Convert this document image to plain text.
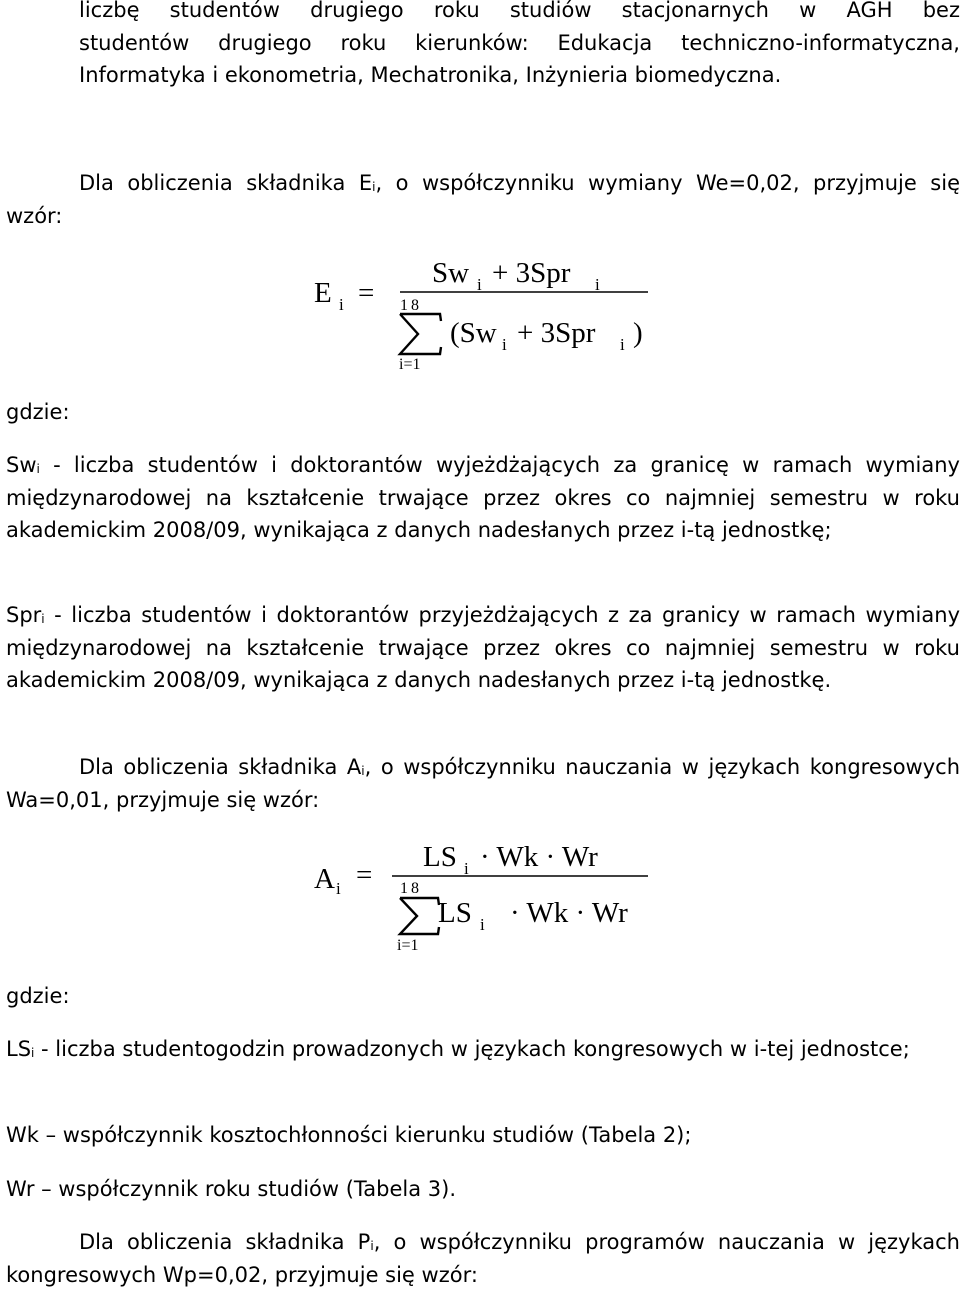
liczbę studentów drugiego roku studiów stacjonarnych w AGH bez
studentów drugiego roku kierunków: Edukacja techniczno-informatyczna,
Informatyka i ekonometria, Mechatronika, Inżynieria biomedyczna.

Dla obliczenia składnika Ei, o współczynniku wymiany We=0,02, przyjmuje się wzór:

E i =
Sw i + 3Spr i
18
i=1
(Sw i + 3Spr i )

gdzie:

Swi - liczba studentów i doktorantów wyjeżdżających za granicę w ramach wymiany międzynarodowej na kształcenie trwające przez okres co najmniej semestru w roku akademickim 2008/09, wynikająca z danych nadesłanych przez i-tą jednostkę;

Spri - liczba studentów i doktorantów przyjeżdżających z za granicy w ramach wymiany międzynarodowej na kształcenie trwające przez okres co najmniej semestru w roku akademickim 2008/09, wynikająca z danych nadesłanych przez i-tą jednostkę.

Dla obliczenia składnika Ai, o współczynniku nauczania w językach kongresowych Wa=0,01, przyjmuje się wzór:

A i =
LS i · Wk · Wr
18
i=1
LS i · Wk · Wr

gdzie:

LSi - liczba studentogodzin prowadzonych w językach kongresowych w i-tej jednostce;

Wk – współczynnik kosztochłonności kierunku studiów (Tabela 2);

Wr – współczynnik roku studiów (Tabela 3).

Dla obliczenia składnika Pi, o współczynniku programów nauczania w językach kongresowych Wp=0,02, przyjmuje się wzór:
